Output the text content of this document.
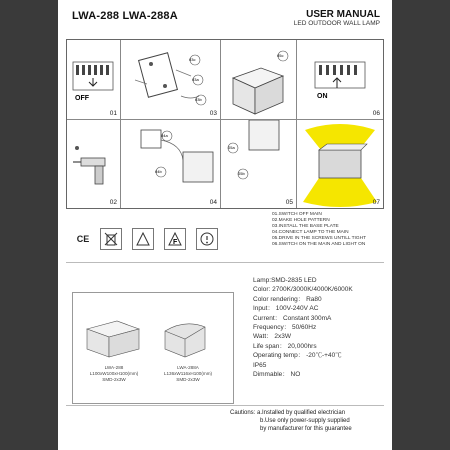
LWA-288 LWA-288A	USER MANUAL
LED OUTDOOR WALL LAMP
OFF
01
03c
03a
03b
03
05c
ON
06
02
04a
04b
04
05a
05b
05	07
01.SWITCH OFF MAIN
02.MAKE HOLE PATTERN
03.INSTALL THE BASE PLATE
04.CONNECT LAMP TO THE MAIN
05.DRIVE IN THE SCREWS UNTILL TIGHT
06.SWITCH ON THE MAIN AND LIGHT ON
CE	F
Lamp:SMD-2835 LED
Color: 2700K/3000K/4000K/6000K
Color rendering： Ra80
Input： 100V-240V AC
Current： Constant 300mA
Frequency： 50/60Hz
Watt： 2x3W
Life span： 20,000hrs
Operating temp： -20℃-+40℃
IP65
Dimmable： NO
LWA-288
L100xW100xH100(mm)
SMD-2x3W
LWA-288A
L136xW116xH100(mm)
SMD-2x3W
Cautions: a.Installed by qualified electrician
b.Use only power-supply supplied
by manufacturer for this guarantee
